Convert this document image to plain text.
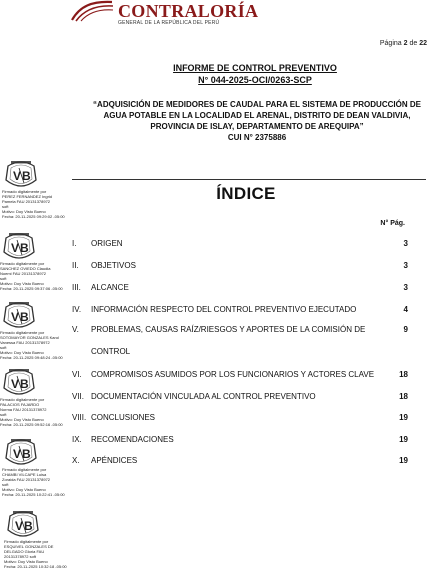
CONTRALORÍA
GENERAL DE LA REPÚBLICA DEL PERÚ
Página 2 de 22
INFORME DE CONTROL PREVENTIVO
N° 044-2025-OCI/0263-SCP
“ADQUISICIÓN DE MEDIDORES DE CAUDAL PARA EL SISTEMA DE PRODUCCIÓN DE
AGUA POTABLE EN LA LOCALIDAD EL ARENAL, DISTRITO DE DEAN VALDIVIA,
PROVINCIA DE ISLAY, DEPARTAMENTO DE AREQUIPA”
CUI N° 2375886
ÍNDICE
N° Pág.
I. ORIGEN	3
II. OBJETIVOS	3
III. ALCANCE	3
IV. INFORMACIÓN RESPECTO DEL CONTROL PREVENTIVO EJECUTADO	4
V. PROBLEMAS, CAUSAS RAÍZ/RIESGOS Y APORTES DE LA COMISIÓN DE	9
CONTROL
VI. COMPROMISOS ASUMIDOS POR LOS FUNCIONARIOS Y ACTORES CLAVE	18
VII. DOCUMENTACIÓN VINCULADA AL CONTROL PREVENTIVO	18
VIII. CONCLUSIONES	19
IX. RECOMENDACIONES	19
X. APÉNDICES	19
Firmado digitalmente por
PEREZ FERNANDEZ Ingrid
Pamela FAU 20131378972
soft
Motivo: Doy Visto Bueno
Fecha: 20-11-2025 09:29:02 -05:00
Firmado digitalmente por
SANCHEZ OVIEDO Claudia
Noemi FAU 20131378972
soft
Motivo: Doy Visto Bueno
Fecha: 20-11-2025 09:37:06 -05:00
Firmado digitalmente por
SOTOMAYOR GONZALES Karol
Vanessa FAU 20131378972
soft
Motivo: Doy Visto Bueno
Fecha: 20-11-2025 09:48:24 -05:00
Firmado digitalmente por
PALACIOS FAJARDO
Norma FAU 20131378972
soft
Motivo: Doy Visto Bueno
Fecha: 20-11-2025 09:52:16 -05:00
Firmado digitalmente por
CHAMBI VILCAPE Luisa
Zoraida FAU 20131378972
soft
Motivo: Doy Visto Bueno
Fecha: 20-11-2025 10:22:41 -05:00
Firmado digitalmente por
ESQUIVEL GONZALES DE
DELGADO Gloria FAU
20131378972 soft
Motivo: Doy Visto Bueno
Fecha: 20-11-2025 10:32:18 -05:00
